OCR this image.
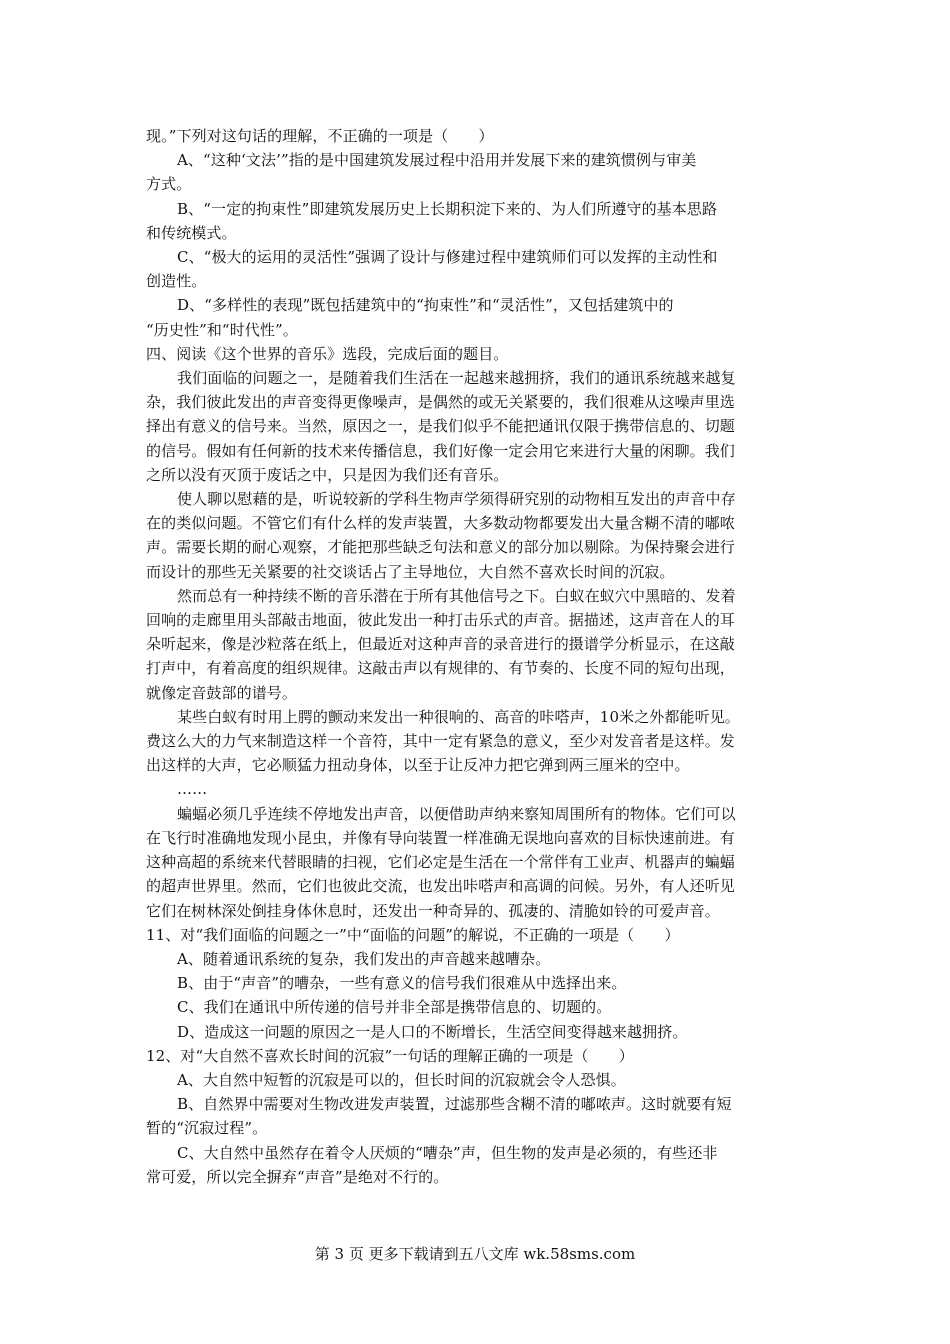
现。”下列对这句话的理解，不正确的一项是（　　）
A、“这种‘文法’”指的是中国建筑发展过程中沿用并发展下来的建筑惯例与审美
方式。
B、“一定的拘束性”即建筑发展历史上长期积淀下来的、为人们所遵守的基本思路
和传统模式。
C、“极大的运用的灵活性”强调了设计与修建过程中建筑师们可以发挥的主动性和
创造性。
D、“多样性的表现”既包括建筑中的“拘束性”和“灵活性”，又包括建筑中的
“历史性”和“时代性”。
四、阅读《这个世界的音乐》选段，完成后面的题目。
我们面临的问题之一，是随着我们生活在一起越来越拥挤，我们的通讯系统越来越复
杂，我们彼此发出的声音变得更像噪声，是偶然的或无关紧要的，我们很难从这噪声里选
择出有意义的信号来。当然，原因之一，是我们似乎不能把通讯仅限于携带信息的、切题
的信号。假如有任何新的技术来传播信息，我们好像一定会用它来进行大量的闲聊。我们
之所以没有灭顶于废话之中，只是因为我们还有音乐。
使人聊以慰藉的是，听说较新的学科生物声学须得研究别的动物相互发出的声音中存
在的类似问题。不管它们有什么样的发声装置，大多数动物都要发出大量含糊不清的嘟哝
声。需要长期的耐心观察，才能把那些缺乏句法和意义的部分加以剔除。为保持聚会进行
而设计的那些无关紧要的社交谈话占了主导地位，大自然不喜欢长时间的沉寂。
然而总有一种持续不断的音乐潜在于所有其他信号之下。白蚁在蚁穴中黑暗的、发着
回响的走廊里用头部敲击地面，彼此发出一种打击乐式的声音。据描述，这声音在人的耳
朵听起来，像是沙粒落在纸上，但最近对这种声音的录音进行的摄谱学分析显示，在这敲
打声中，有着高度的组织规律。这敲击声以有规律的、有节奏的、长度不同的短句出现，
就像定音鼓部的谱号。
某些白蚁有时用上腭的颤动来发出一种很响的、高音的咔嗒声，10米之外都能听见。
费这么大的力气来制造这样一个音符，其中一定有紧急的意义，至少对发音者是这样。发
出这样的大声，它必顺猛力扭动身体，以至于让反冲力把它弹到两三厘米的空中。
……
蝙蝠必须几乎连续不停地发出声音，以便借助声纳来察知周围所有的物体。它们可以
在飞行时准确地发现小昆虫，并像有导向装置一样准确无误地向喜欢的目标快速前进。有
这种高超的系统来代替眼睛的扫视，它们必定是生活在一个常伴有工业声、机器声的蝙蝠
的超声世界里。然而，它们也彼此交流，也发出咔嗒声和高调的问候。另外，有人还听见
它们在树林深处倒挂身体休息时，还发出一种奇异的、孤凄的、清脆如铃的可爱声音。
11、对“我们面临的问题之一”中“面临的问题”的解说，不正确的一项是（　　）
A、随着通讯系统的复杂，我们发出的声音越来越嘈杂。
B、由于“声音”的嘈杂，一些有意义的信号我们很难从中选择出来。
C、我们在通讯中所传递的信号并非全部是携带信息的、切题的。
D、造成这一问题的原因之一是人口的不断增长，生活空间变得越来越拥挤。
12、对“大自然不喜欢长时间的沉寂”一句话的理解正确的一项是（　　）
A、大自然中短暂的沉寂是可以的，但长时间的沉寂就会令人恐惧。
B、自然界中需要对生物改进发声装置，过滤那些含糊不清的嘟哝声。这时就要有短
暂的“沉寂过程”。
C、大自然中虽然存在着令人厌烦的“嘈杂”声，但生物的发声是必须的，有些还非
常可爱，所以完全摒弃“声音”是绝对不行的。
第 3 页 更多下载请到五八文库 wk.58sms.com
